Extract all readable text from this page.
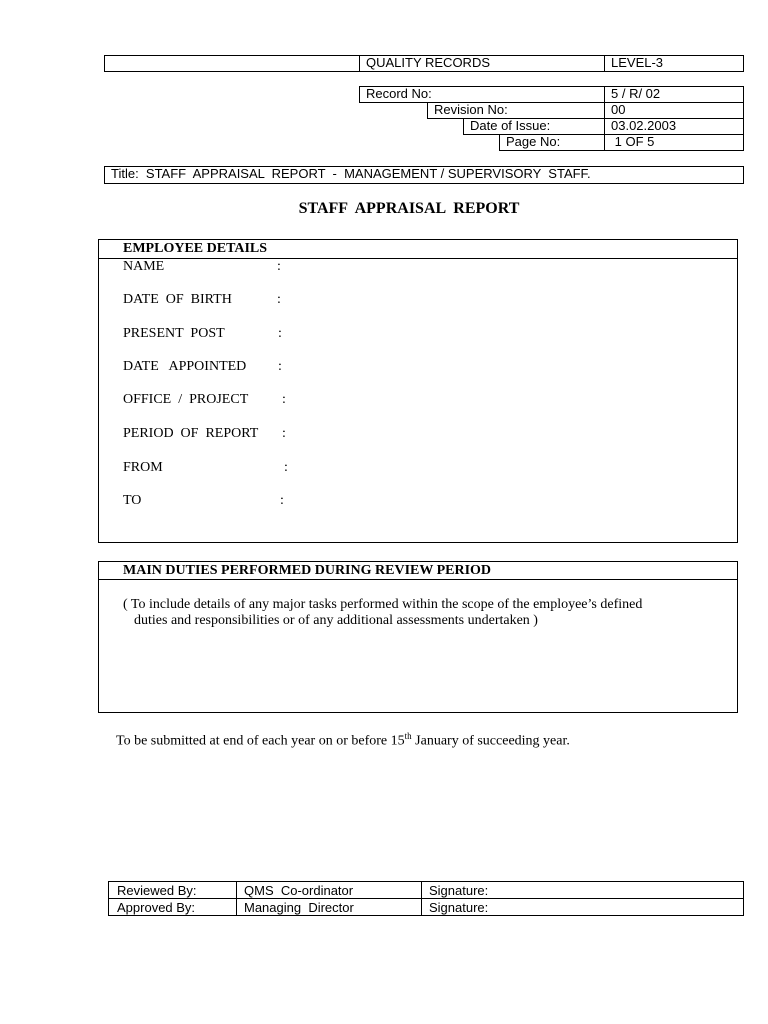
QUALITY RECORDS	LEVEL-3
Record No:	5 / R/ 02
Revision No:	00
Date of Issue:	03.02.2003
Page No:	1 OF 5
Title:  STAFF  APPRAISAL  REPORT  -  MANAGEMENT / SUPERVISORY  STAFF.
STAFF  APPRAISAL  REPORT
EMPLOYEE DETAILS
NAME	:
DATE  OF  BIRTH	:
PRESENT  POST	:
DATE   APPOINTED :
OFFICE  /  PROJECT :
PERIOD  OF  REPORT :
FROM	:
TO	:
MAIN DUTIES PERFORMED DURING REVIEW PERIOD
( To include details of any major tasks performed within the scope of the employee’s defined
duties and responsibilities or of any additional assessments undertaken )
To be submitted at end of each year on or before 15th January of succeeding year.
Reviewed By:	QMS  Co-ordinator	Signature:
Approved By:	Managing  Director	Signature:
